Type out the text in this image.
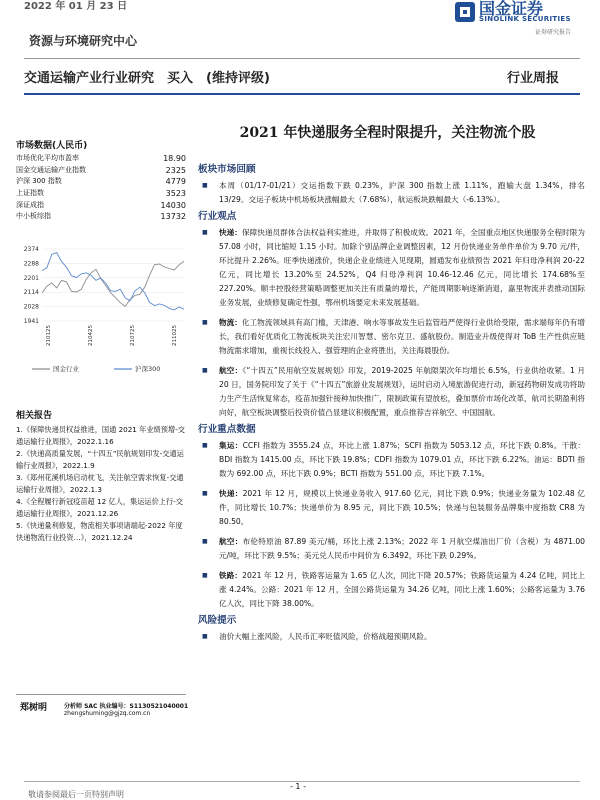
2022 年 01 月 23 日	国金证券
SINOLINK SECURITIES
证券研究报告
资源与环境研究中心
交通运输产业行业研究　买入　(维持评级)	行业周报
市场数据(人民币)
市场优化平均市盈率	18.90
国金交通运输产业指数	2325
沪深 300 指数	4779
上证指数	3523
深证成指	14030
中小板综指	13732
2374
2288
2201
2114
2028
1941
210125	210425	210725	211025
国金行业	沪深300
相关报告
1.《保障快递员权益推进，国通 2021 年业绩预增-交通运输行业周报》，2022.1.16
2.《快递高质量发展，“十四五”民航规划印发-交通运输行业周报》，2022.1.9
3.《郑州花溪机场启动枕飞，关注航空需求恢复-交通运输行业周报》，2022.1.3
4.《全程履行新冠疫苗超 12 亿人，集运运价上行-交通运输行业周报》，2021.12.26
5.《快递量利修复，物流相关事项诸端起-2022 年度快递物流行业投资…》，2021.12.24
郑树明	分析师 SAC 执业编号：S1130521040001
zhengshuming@gjzq.com.cn
2021 年快递服务全程时限提升，关注物流个股
板块市场回顾
■ 本周（01/17-01/21）交运指数下跌 0.23%，沪深 300 指数上涨 1.11%，跑输大盘 1.34%，排名 13/29。交运子板块中机场板块涨幅最大（7.68%），航运板块跌幅最大（-6.13%）。
行业观点
■ 快递：保障快递员群体合法权益利实推进，并取得了积极成效。2021 年，全国重点地区快递服务全程时限为 57.08 小时，同比缩短 1.15 小时。加除个别品牌企业调整因素，12 月份快递业务单件单价为 9.70 元/件，环比提升 2.26%。旺季快递涨价，快递企业业绩进入见现期，圆通发布业绩预告 2021 年归母净利润 20-22 亿元，同比增长 13.20%至 24.52%，Q4 归母净利润 10.46-12.46 亿元，同比增长 174.68%至 227.20%。顺丰控股经营策略调整更加关注有质量的增长，产能周期影响逐渐消退，嘉里物流并表推动国际业务发展，业绩修复确定性强，鄂州机场要定未来发展基础。
■ 物流：化工物流领域具有高门槛，天津港、响水等事故发生后监管趋严使得行业供给受限，需求端每年仍有增长，我们看好优质化工物流板块关注宏川智慧、密尔克卫、盛航股份。制造业升级使得对 ToB 生产性供应链物流需求增加，重视长线投入、强管理的企业将胜出，关注海晨股份。
■ 航空：《“十四五”民用航空发展规划》印发，2019-2025 年航隙架次年均增长 6.5%，行业供给收紧。1 月 20 日，国务院印发了关于《“十四五”旅游业发展规划》，运时启动入境旅游促进行动，新冠药物研发成功将助力生产生活恢复常态，疫苗加强针接种加快推广，限制政策有望放松，叠加票价市场化改革，航司长期盈利将向好，航空板块调整后投资价值凸显建议积极配置，重点推荐吉祥航空、中国国航。
行业重点数据
■ 集运：CCFI 指数为 3555.24 点，环比上涨 1.87%；SCFI 指数为 5053.12 点，环比下跌 0.8%。干散：BDI 指数为 1415.00 点，环比下跌 19.8%；CDFI 指数为 1079.01 点，环比下跌 6.22%。油运：BDTI 指数为 692.00 点，环比下跌 0.9%；BCTI 指数为 551.00 点，环比下跌 7.1%。
■ 快递：2021 年 12 月，规模以上快递业务收入 917.60 亿元，同比下跌 0.9%；快递业务量为 102.48 亿件，同比增长 10.7%；快递单价为 8.95 元，同比下跌 10.5%；快递与包装服务品牌集中度指数 CR8 为 80.50。
■ 航空：布伦特原油 87.89 美元/桶，环比上涨 2.13%；2022 年 1 月航空煤油出厂价（含税）为 4871.00 元/吨，环比下跌 9.5%；美元兑人民币中间价为 6.3492，环比下跌 0.29%。
■ 铁路：2021 年 12 月，铁路客运量为 1.65 亿人次，同比下降 20.57%；铁路货运量为 4.24 亿吨，同比上涨 4.24%。公路：2021 年 12 月，全国公路货运量为 34.26 亿吨，同比上涨 1.60%；公路客运量为 3.76 亿人次，同比下降 38.00%。
风险提示
■ 油价大幅上涨风险，人民币汇率贬值风险，价格战超预期风险。
- 1 -
敬请参阅最后一页特别声明
